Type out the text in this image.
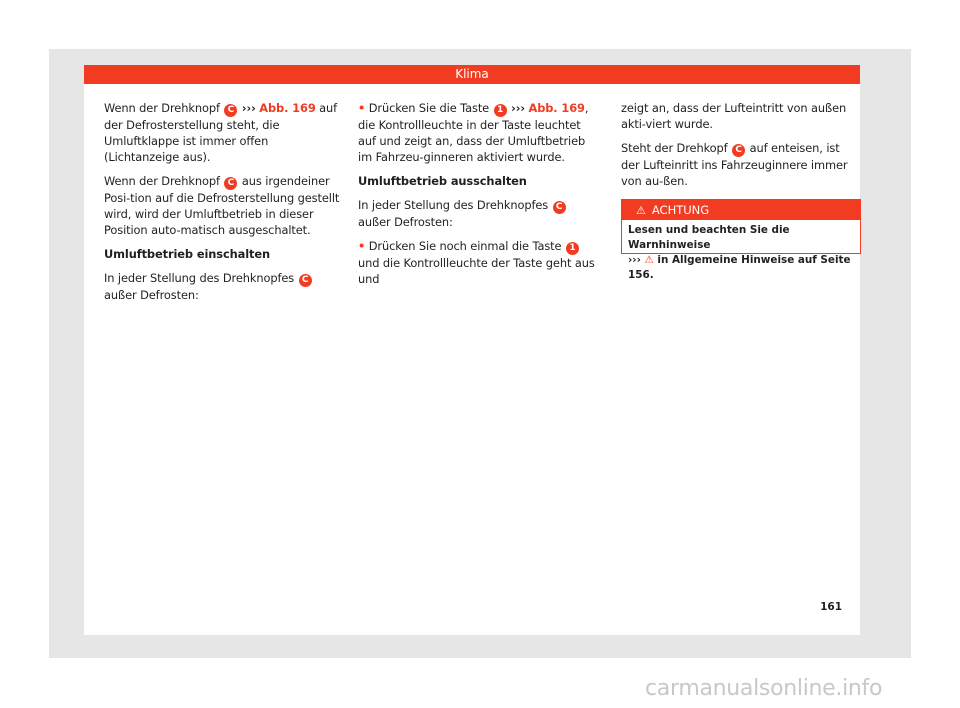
Klima

Wenn der Drehknopf C ››› Abb. 169 auf der Defrosterstellung steht, die Umluftklappe ist immer offen (Lichtanzeige aus).

Wenn der Drehknopf C aus irgendeiner Posi-tion auf die Defrosterstellung gestellt wird, wird der Umluftbetrieb in dieser Position auto-matisch ausgeschaltet.

Umluftbetrieb einschalten

In jeder Stellung des Drehknopfes C außer Defrosten:

• Drücken Sie die Taste 1 ››› Abb. 169, die Kontrollleuchte in der Taste leuchtet auf und zeigt an, dass der Umluftbetrieb im Fahrzeu-ginneren aktiviert wurde.

Umluftbetrieb ausschalten

In jeder Stellung des Drehknopfes C außer Defrosten:

• Drücken Sie noch einmal die Taste 1 und die Kontrollleuchte der Taste geht aus und

zeigt an, dass der Lufteintritt von außen akti-viert wurde.

Steht der Drehkopf C auf enteisen, ist der Lufteinritt ins Fahrzeuginnere immer von au-ßen.

⚠ ACHTUNG
Lesen und beachten Sie die Warnhinweise
››› ⚠ in Allgemeine Hinweise auf Seite 156.
161
carmanualsonline.info
